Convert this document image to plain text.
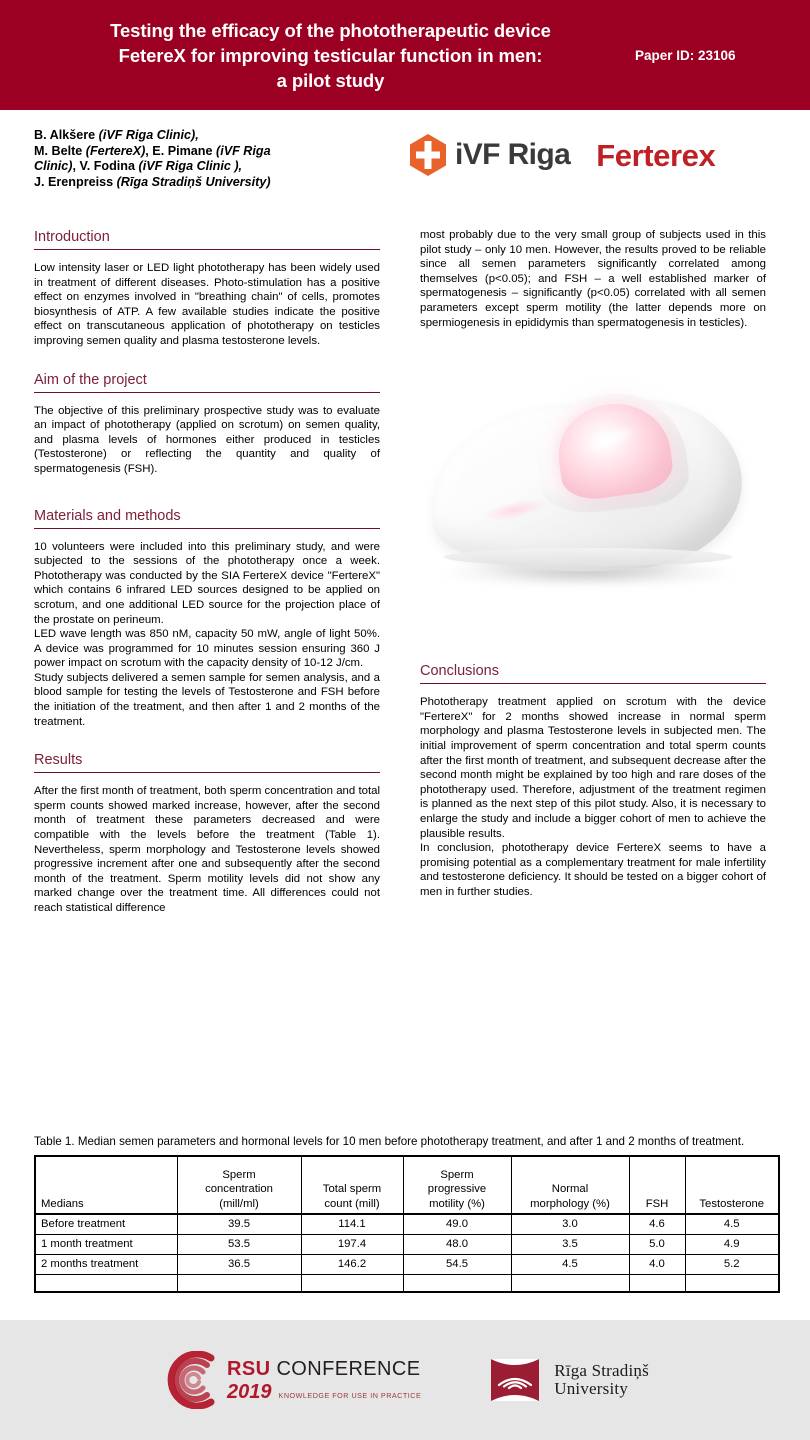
Testing the efficacy of the phototherapeutic device
FetereX for improving testicular function in men:
a pilot study
Paper ID: 23106
B. Alkšere (iVF Riga Clinic),
M. Belte (FertereX), E. Pimane (iVF Riga
Clinic), V. Fodina (iVF Riga Clinic ),
J. Erenpreiss (Rīga Stradiņš University)
iVF Riga Ferterex
Introduction

Low intensity laser or LED light phototherapy has been widely used in treatment of different diseases. Photo-stimulation has a positive effect on enzymes involved in "breathing chain" of cells, promotes biosynthesis of ATP. A few available studies indicate the positive effect on transcutaneous application of phototherapy on testicles improving semen quality and plasma testosterone levels.

Aim of the project

The objective of this preliminary prospective study was to evaluate an impact of phototherapy (applied on scrotum) on semen quality, and plasma levels of hormones either produced in testicles (Testosterone) or reflecting the quantity and quality of spermatogenesis (FSH).

Materials and methods

10 volunteers were included into this preliminary study, and were subjected to the sessions of the phototherapy once a week. Phototherapy was conducted by the SIA FertereX device "FertereX" which contains 6 infrared LED sources designed to be applied on scrotum, and one additional LED source for the projection place of the prostate on perineum.

LED wave length was 850 nM, capacity 50 mW, angle of light 50%. A device was programmed for 10 minutes session ensuring 360 J power impact on scrotum with the capacity density of 10-12 J/cm.

Study subjects delivered a semen sample for semen analysis, and a blood sample for testing the levels of Testosterone and FSH before the initiation of the treatment, and then after 1 and 2 months of the treatment.

Results

After the first month of treatment, both sperm concentration and total sperm counts showed marked increase, however, after the second month of treatment these parameters decreased and were compatible with the levels before the treatment (Table 1). Nevertheless, sperm morphology and Testosterone levels showed progressive increment after one and subsequently after the second month of the treatment. Sperm motility levels did not show any marked change over the treatment time. All differences could not reach statistical difference

most probably due to the very small group of subjects used in this pilot study – only 10 men. However, the results proved to be reliable since all semen parameters significantly correlated among themselves (p<0.05); and FSH – a well established marker of spermatogenesis – significantly (p<0.05) correlated with all semen parameters except sperm motility (the latter depends more on spermiogenesis in epididymis than spermatogenesis in testicles).

Conclusions

Phototherapy treatment applied on scrotum with the device "FertereX" for 2 months showed increase in normal sperm morphology and plasma Testosterone levels in subjected men. The initial improvement of sperm concentration and total sperm counts after the first month of treatment, and subsequent decrease after the second month might be explained by too high and rare doses of the phototherapy used. Therefore, adjustment of the treatment regimen is planned as the next step of this pilot study. Also, it is necessary to enlarge the study and include a bigger cohort of men to achieve the plausible results.

In conclusion, phototherapy device FertereX seems to have a promising potential as a complementary treatment for male infertility and testosterone deficiency. It should be tested on a bigger cohort of men in further studies.

Table 1. Median semen parameters and hormonal levels for 10 men before phototherapy treatment, and after 1 and 2 months of treatment.
Medians	Sperm
concentration
(mill/ml)	Total sperm
count (mill)	Sperm
progressive
motility (%)	Normal
morphology (%)	FSH	Testosterone
Before treatment	39.5	114.1	49.0	3.0	4.6	4.5
1 month treatment	53.5	197.4	48.0	3.5	5.0	4.9
2 months treatment	36.5	146.2	54.5	4.5	4.0	5.2

RSU CONFERENCE
2019 KNOWLEDGE FOR USE IN PRACTICE
Rīga Stradiņš
University
